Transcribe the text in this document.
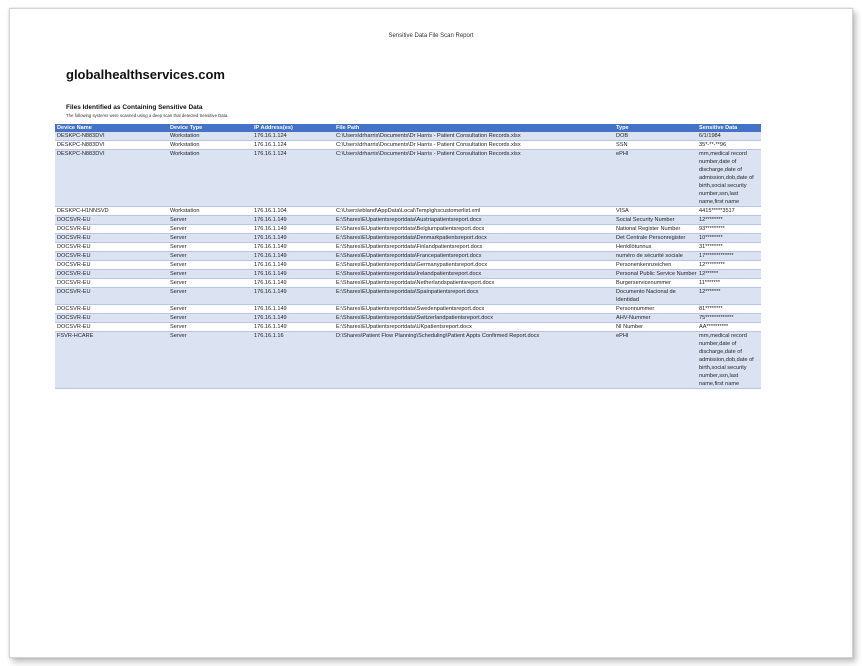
Sensitive Data File Scan Report
globalhealthservices.com
Files Identified as Containing Sensitive Data
The following systems were scanned using a deep scan that detected Sensitive Data.
Device Name	Device Type	IP Address(es)	File Path	Type	Sensitive Data
DESKPC-N883DVI	Workstation	176.16.1.124	C:\Users\drharris\Documents\Dr Harris - Patient Consultation Records.xlsx	DOB	6/1/1984
DESKPC-N883DVI	Workstation	176.16.1.124	C:\Users\drharris\Documents\Dr Harris - Patient Consultation Records.xlsx	SSN	35*-**-**96
DESKPC-N883DVI	Workstation	176.16.1.124	C:\Users\drharris\Documents\Dr Harris - Patient Consultation Records.xlsx	ePHI	mrn,medical record number,date of discharge,date of admission,dob,date of birth,social security number,ssn,last name,first name
DESKPC-H1NNSVD	Workstation	176.16.1.104	C:\Users\ebland\AppData\Local\Temp\ghscustomerlist.xml	VISA	4415*****3517
DOCSVR-EU	Server	176.16.1.149	E:\Shares\EUpatientsreportdata\Austriapatientsreport.docx	Social Security Number	12********
DOCSVR-EU	Server	176.16.1.149	E:\Shares\EUpatientsreportdata\Belgiumpatientsreport.docx	National Register Number	93*********
DOCSVR-EU	Server	176.16.1.149	E:\Shares\EUpatientsreportdata\Denmarkpatientsreport.docx	Det Centrale Personregister	10********
DOCSVR-EU	Server	176.16.1.149	E:\Shares\EUpatientsreportdata\Finlandpatientsreport.docx	Henkilötunnus	31********
DOCSVR-EU	Server	176.16.1.149	E:\Shares\EUpatientsreportdata\Francepatientsreport.docx	numéro de sécurité sociale	17*************
DOCSVR-EU	Server	176.16.1.149	E:\Shares\EUpatientsreportdata\Germanypatientsreport.docx	Personenkennzeichen	12*********
DOCSVR-EU	Server	176.16.1.149	E:\Shares\EUpatientsreportdata\Irelandpatientsreport.docx	Personal Public Service Number	12******
DOCSVR-EU	Server	176.16.1.149	E:\Shares\EUpatientsreportdata\Netherlandspatientsreport.docx	Burgerservicenummer	11*******
DOCSVR-EU	Server	176.16.1.149	E:\Shares\EUpatientsreportdata\Spainpatientsreport.docx	Documento Nacional de Identidad	12*******
DOCSVR-EU	Server	176.16.1.149	E:\Shares\EUpatientsreportdata\Swedenpatientsreport.docx	Personnummer	81********
DOCSVR-EU	Server	176.16.1.149	E:\Shares\EUpatientsreportdata\Switzerlandpatientsreport.docx	AHV-Nummer	75*************
DOCSVR-EU	Server	176.16.1.149	E:\Shares\EUpatientsreportdata\UKpatientsreport.docx	NI Number	AA**********
FSVR-HCARE	Server	176.16.1.16	D:\Shares\Patient Flow Planning\Scheduling\Patient Appts Confirmed Report.docx	ePHI	mrn,medical record number,date of discharge,date of admission,dob,date of birth,social security number,ssn,last name,first name
